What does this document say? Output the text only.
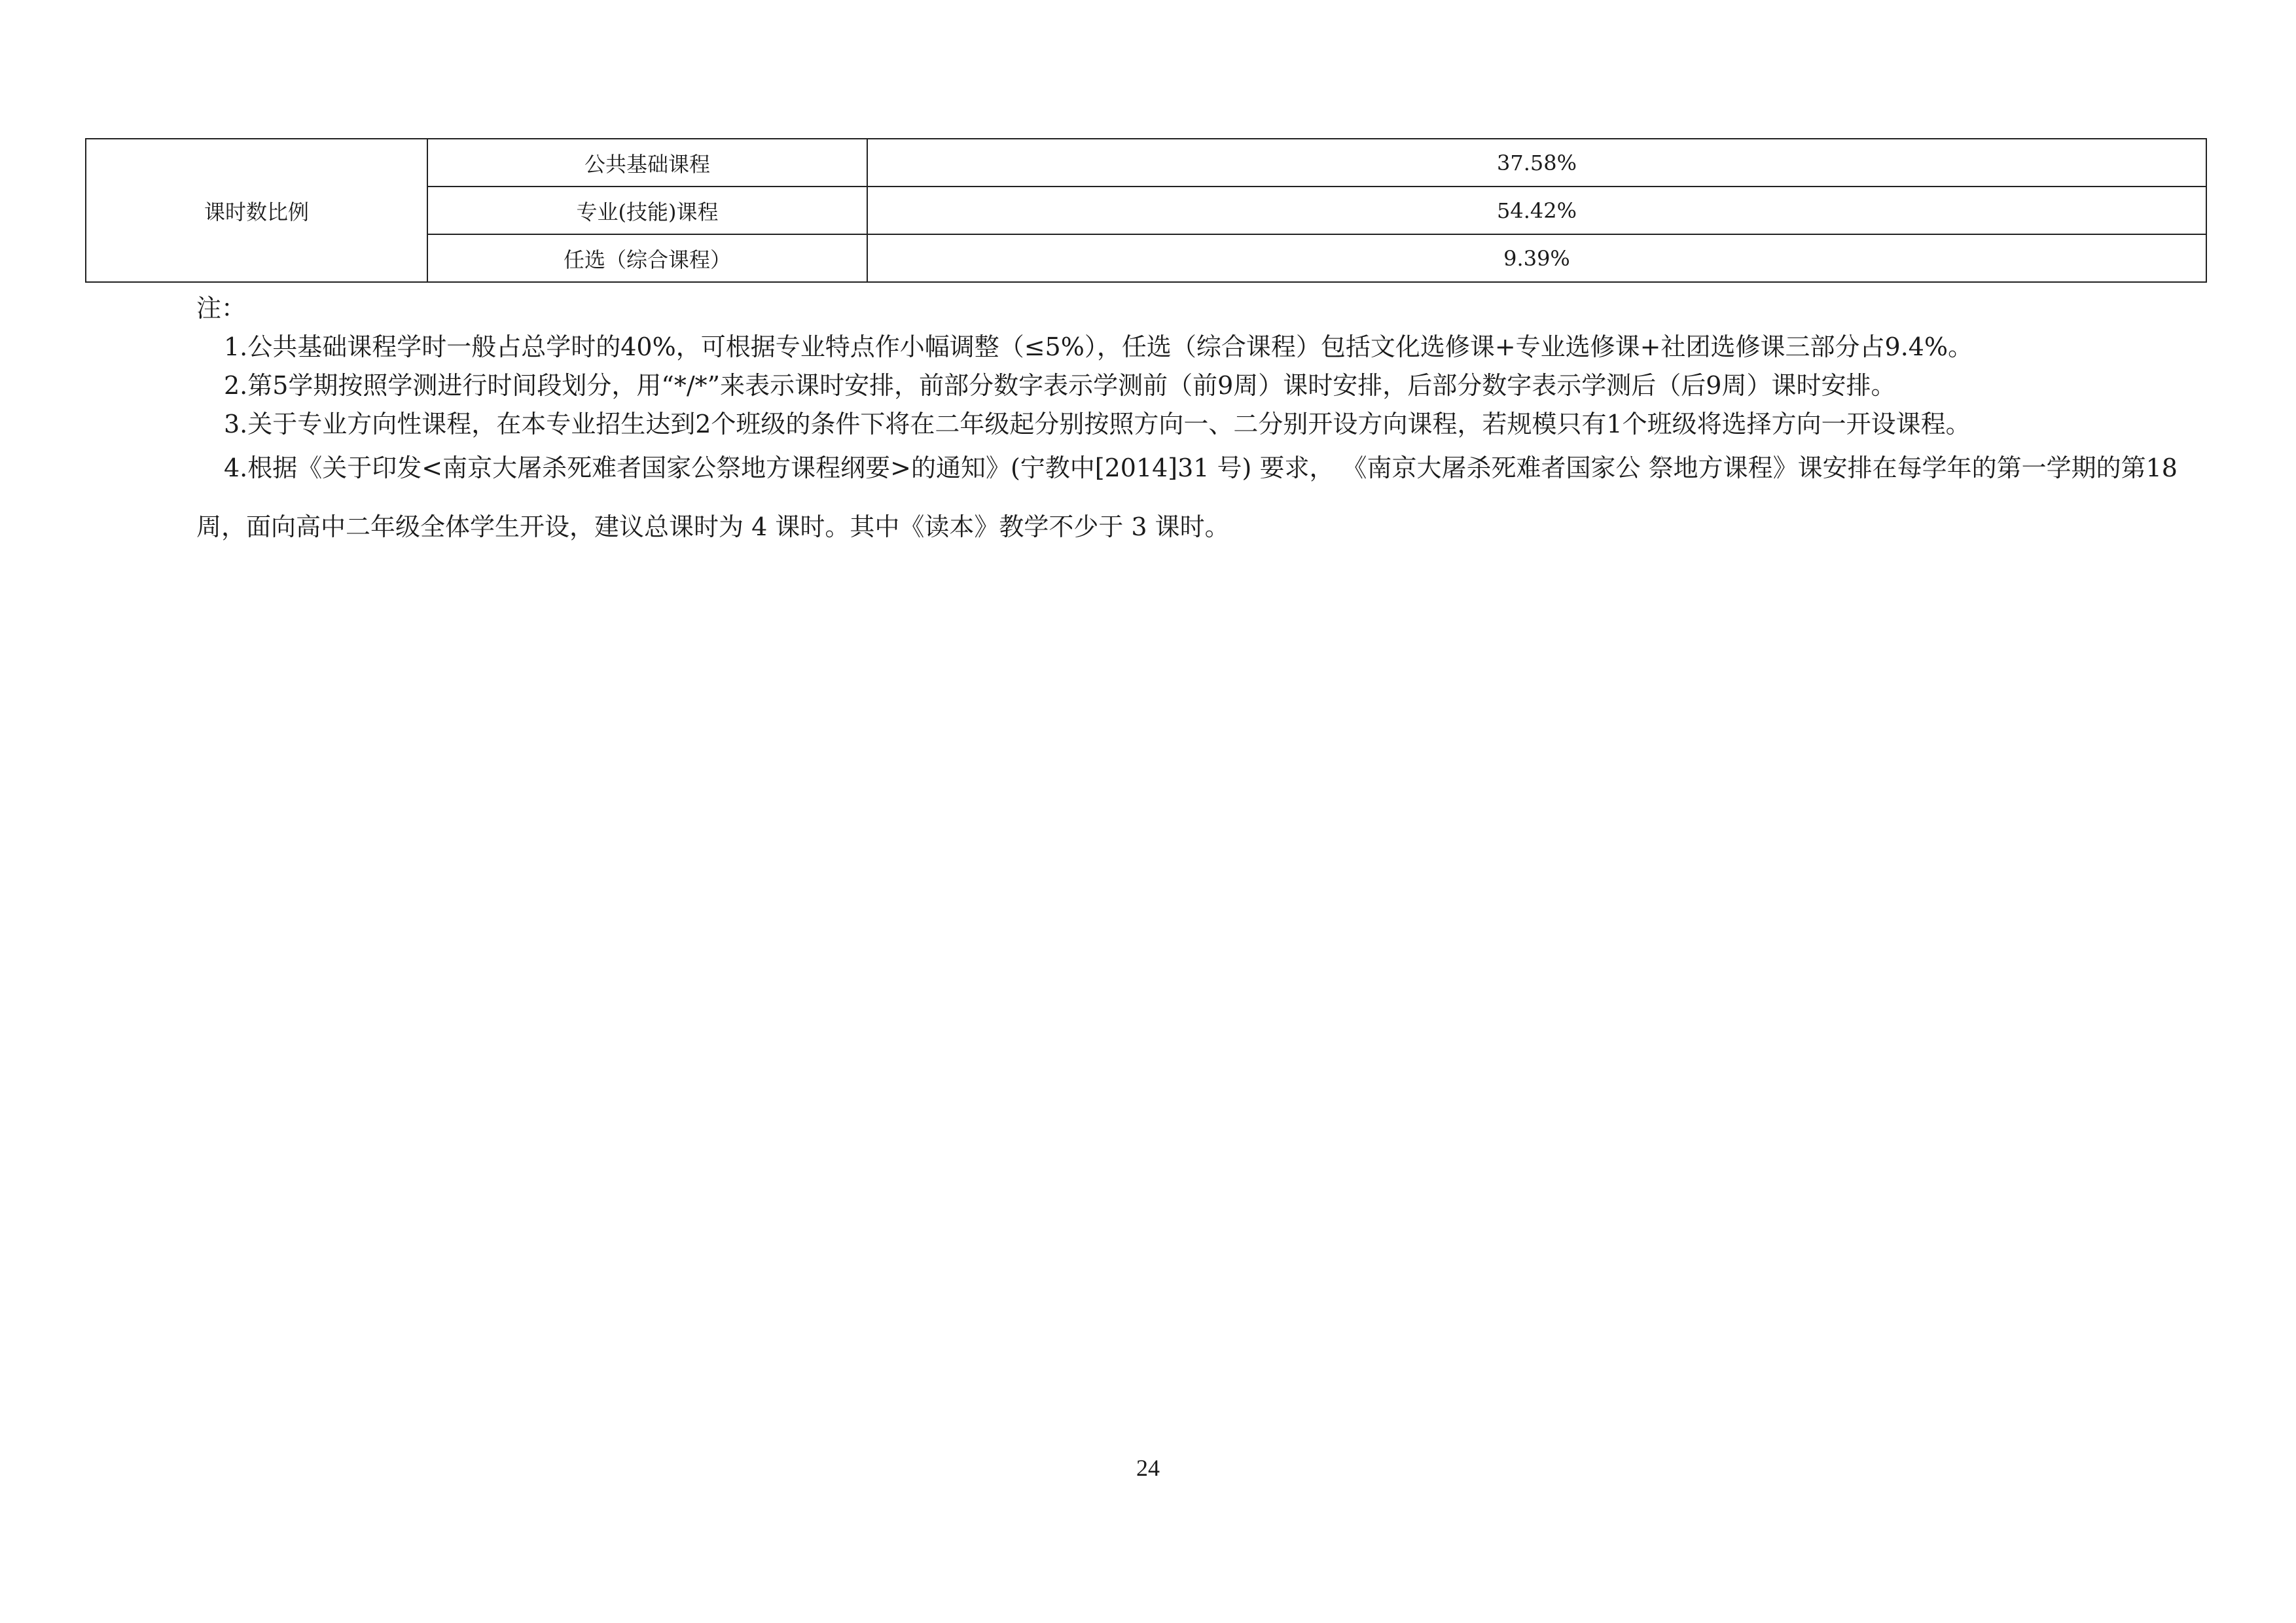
课时数比例	公共基础课程	37.58%
	专业(技能)课程	54.42%
	任选（综合课程）	9.39%

注：

1.公共基础课程学时一般占总学时的40%，可根据专业特点作小幅调整（≤5%），任选（综合课程）包括文化选修课+专业选修课+社团选修课三部分占9.4%。

2.第5学期按照学测进行时间段划分，用“*/*”来表示课时安排，前部分数字表示学测前（前9周）课时安排，后部分数字表示学测后（后9周）课时安排。

3.关于专业方向性课程，在本专业招生达到2个班级的条件下将在二年级起分别按照方向一、二分别开设方向课程，若规模只有1个班级将选择方向一开设课程。

4.根据《关于印发<南京大屠杀死难者国家公祭地方课程纲要>的通知》(宁教中[2014]31 号) 要求， 《南京大屠杀死难者国家公 祭地方课程》课安排在每学年的第一学期的第18周，面向高中二年级全体学生开设，建议总课时为 4 课时。其中《读本》教学不少于 3 课时。

24
